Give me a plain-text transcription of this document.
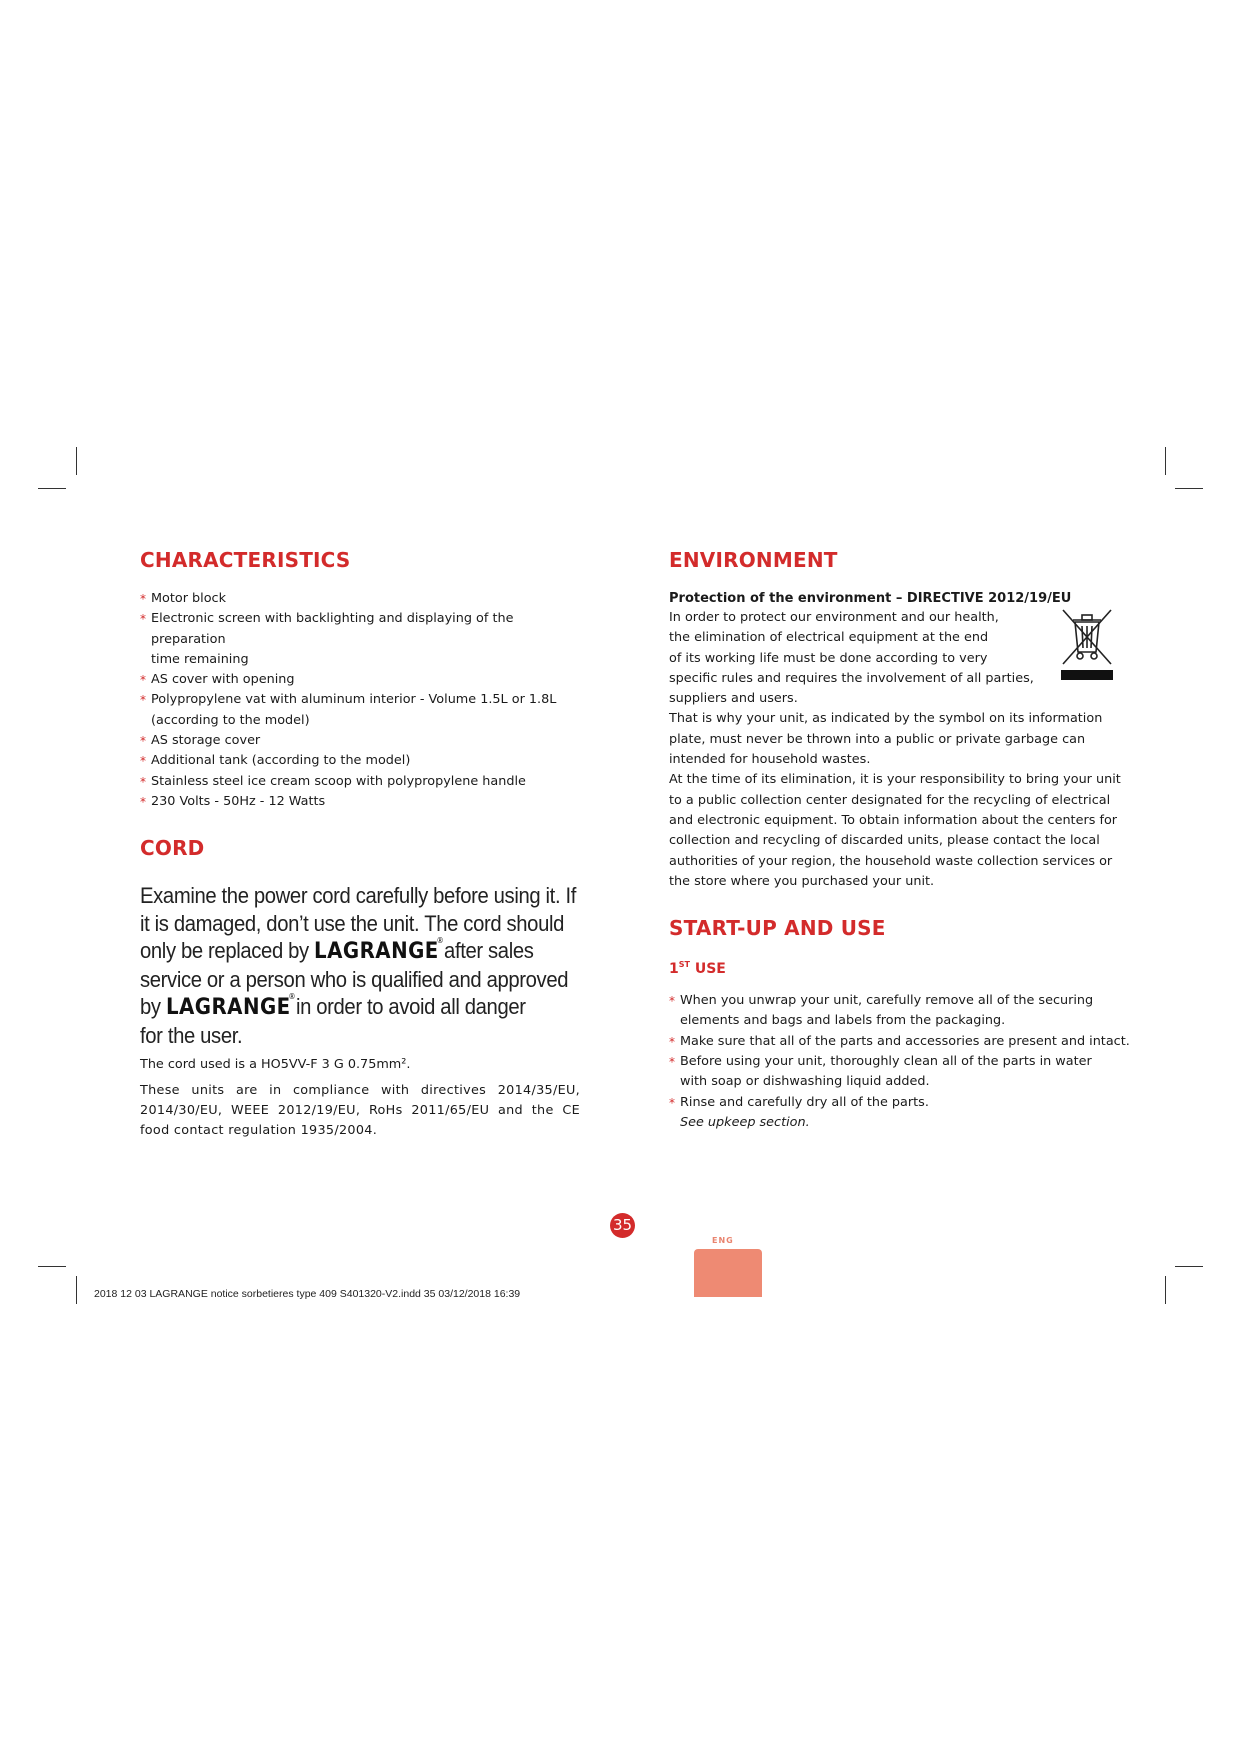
CHARACTERISTICS
* Motor block
* Electronic screen with backlighting and displaying of the preparation
time remaining
* AS cover with opening
* Polypropylene vat with aluminum interior - Volume 1.5L or 1.8L
(according to the model)
* AS storage cover
* Additional tank (according to the model)
* Stainless steel ice cream scoop with polypropylene handle
* 230 Volts - 50Hz - 12 Watts
CORD
Examine the power cord carefully before using it. If
it is damaged, don’t use the unit. The cord should
only be replaced by LAGRANGE
® after sales
service or a person who is qualified and approved
by LAGRANGE
® in order to avoid all danger
for the user.

The cord used is a HO5VV-F 3 G 0.75mm².

These units are in compliance with directives 2014/35/EU, 2014/30/EU, WEEE 2012/19/EU, RoHs 2011/65/EU and the CE food contact regulation 1935/2004.

ENVIRONMENT
Protection of the environment – DIRECTIVE 2012/19/EU

In order to protect our environment and our health,

the elimination of electrical equipment at the end

of its working life must be done according to very

specific rules and requires the involvement of all parties,

suppliers and users.

That is why your unit, as indicated by the symbol on its information plate, must never be thrown into a public or private garbage can intended for household wastes.

At the time of its elimination, it is your responsibility to bring your unit to a public collection center designated for the recycling of electrical and electronic equipment. To obtain information about the centers for collection and recycling of discarded units, please contact the local authorities of your region, the household waste collection services or the store where you purchased your unit.

START-UP AND USE
1ST USE
* When you unwrap your unit, carefully remove all of the securing
elements and bags and labels from the packaging.
* Make sure that all of the parts and accessories are present and intact.
* Before using your unit, thoroughly clean all of the parts in water
with soap or dishwashing liquid added.
* Rinse and carefully dry all of the parts.
See upkeep section.
35
ENG
2018 12 03 LAGRANGE notice sorbetieres type 409 S401320-V2.indd 35 03/12/2018 16:39
